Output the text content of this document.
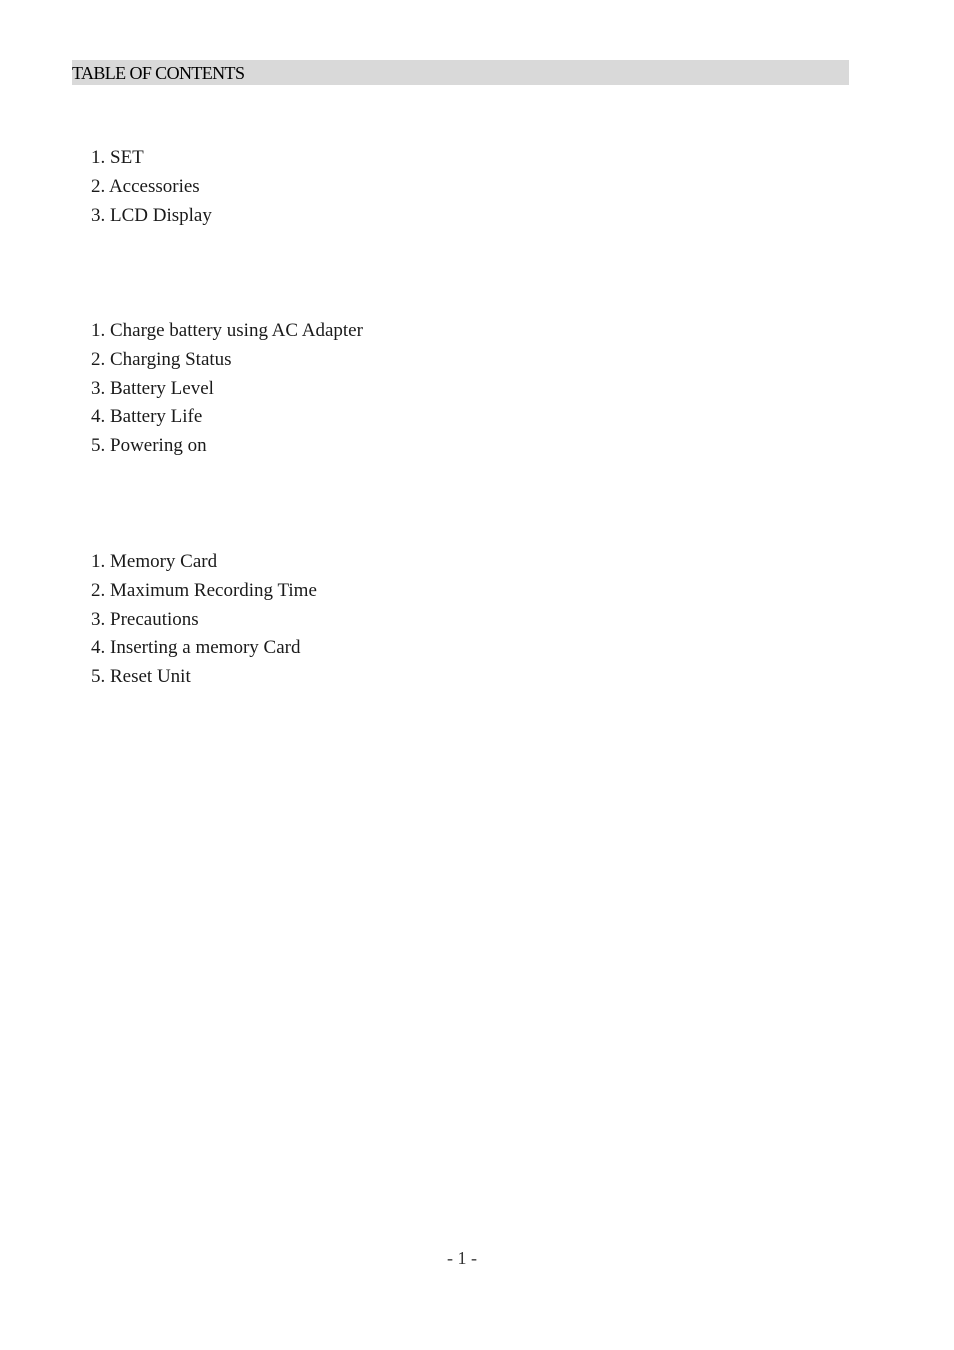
TABLE OF CONTENTS
1. SET
2. Accessories
3. LCD Display
1. Charge battery using AC Adapter
2. Charging Status
3. Battery Level
4. Battery Life
5. Powering on
1. Memory Card
2. Maximum Recording Time
3. Precautions
4. Inserting a memory Card
5. Reset Unit
- 1 -
